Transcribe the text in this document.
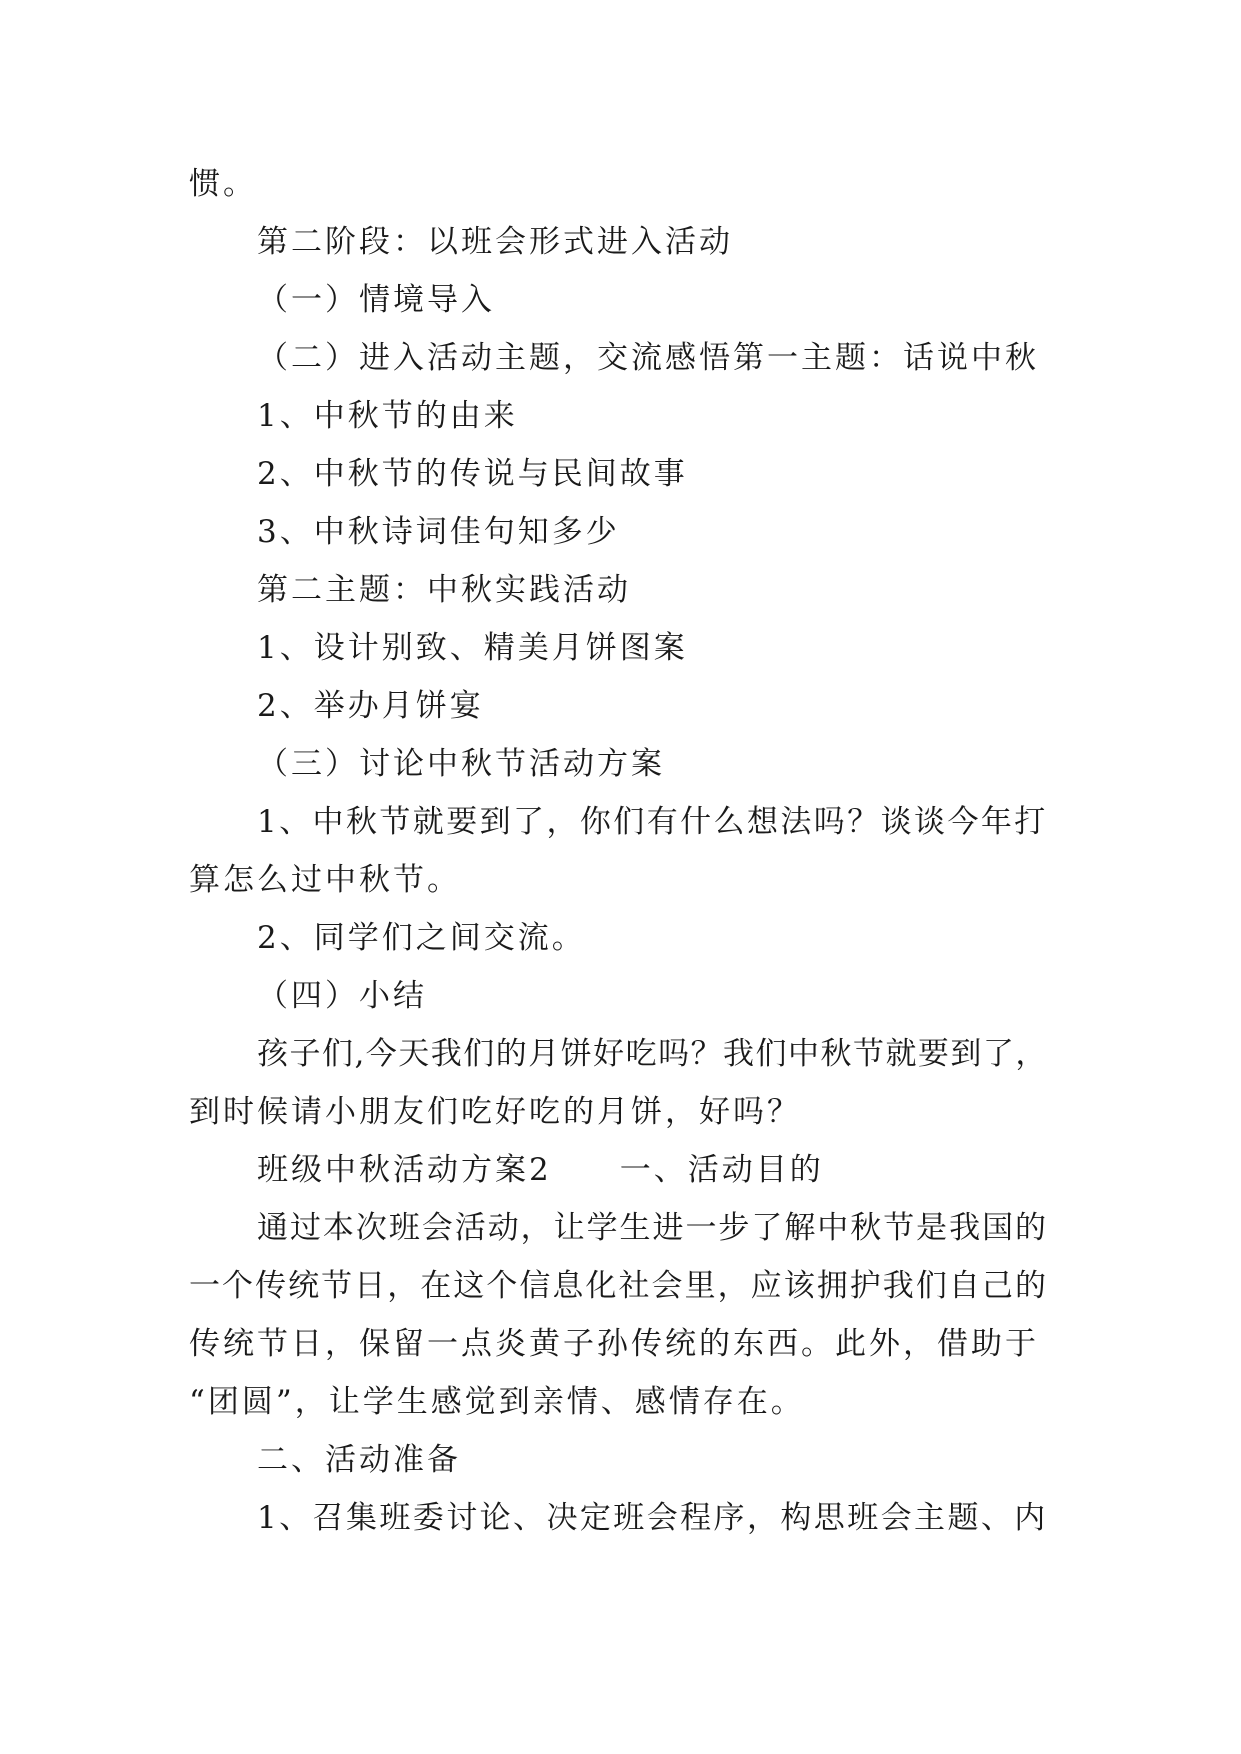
惯。
第二阶段：以班会形式进入活动
（一）情境导入
（二）进入活动主题，交流感悟第一主题：话说中秋
1、中秋节的由来
2、中秋节的传说与民间故事
3、中秋诗词佳句知多少
第二主题：中秋实践活动
1、设计别致、精美月饼图案
2、举办月饼宴
（三）讨论中秋节活动方案
1、中秋节就要到了，你们有什么想法吗？谈谈今年打
算怎么过中秋节。
2、同学们之间交流。
（四）小结
孩子们,今天我们的月饼好吃吗？我们中秋节就要到了，
到时候请小朋友们吃好吃的月饼，好吗？
班级中秋活动方案2　　一、活动目的
通过本次班会活动，让学生进一步了解中秋节是我国的
一个传统节日，在这个信息化社会里，应该拥护我们自己的
传统节日，保留一点炎黄子孙传统的东西。此外，借助于
“团圆”，让学生感觉到亲情、感情存在。
二、活动准备
1、召集班委讨论、决定班会程序，构思班会主题、内
